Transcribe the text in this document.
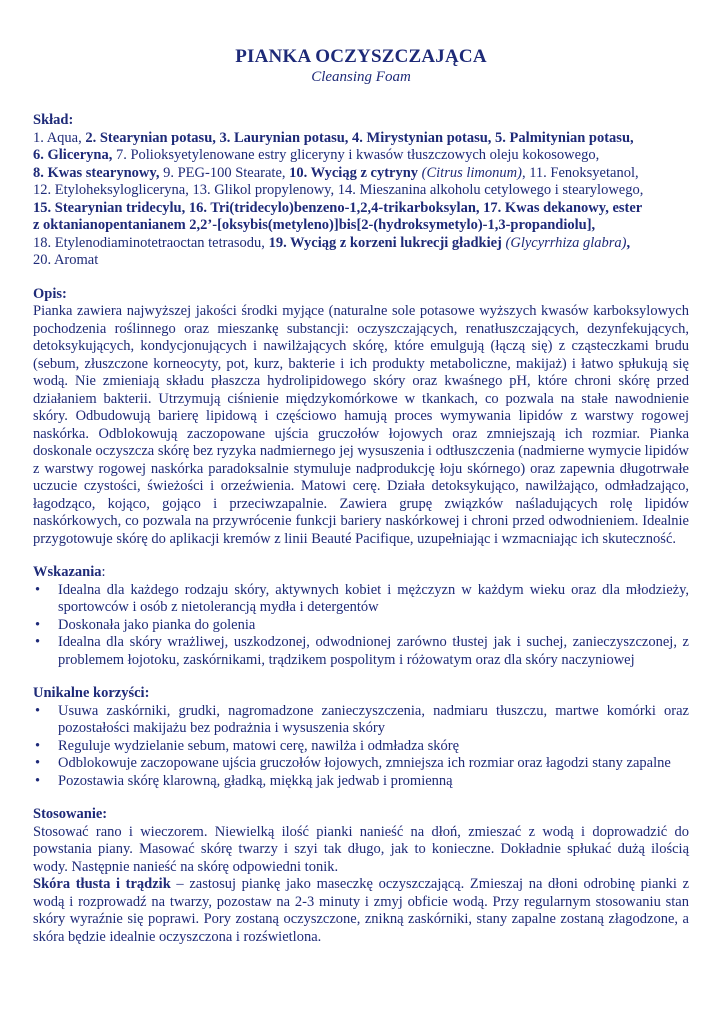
PIANKA OCZYSZCZAJĄCA
Cleansing Foam
Skład:
1. Aqua, 2. Stearynian potasu, 3. Laurynian potasu, 4. Mirystynian potasu, 5. Palmitynian potasu,
6. Gliceryna, 7. Polioksyetylenowane estry gliceryny i kwasów tłuszczowych oleju kokosowego,
8. Kwas stearynowy, 9. PEG-100 Stearate, 10. Wyciąg z cytryny (Citrus limonum), 11. Fenoksyetanol,
12. Etyloheksylogliceryna, 13. Glikol propylenowy, 14. Mieszanina alkoholu cetylowego i stearylowego,
15. Stearynian tridecylu, 16. Tri(tridecylo)benzeno-1,2,4-trikarboksylan, 17. Kwas dekanowy, ester
z oktanianopentanianem 2,2’-[oksybis(metyleno)]bis[2-(hydroksymetylo)-1,3-propandiolu],
18. Etylenodiaminotetraoctan tetrasodu, 19. Wyciąg z korzeni lukrecji gładkiej (Glycyrrhiza glabra),
20. Aromat
Opis:
Pianka zawiera najwyższej jakości środki myjące (naturalne sole potasowe wyższych kwasów karboksylowych pochodzenia roślinnego oraz mieszankę substancji: oczyszczających, renatłuszczających, dezynfekujących, detoksykujących, kondycjonujących i nawilżających skórę, które emulgują (łączą się) z cząsteczkami brudu (sebum, złuszczone korneocyty, pot, kurz, bakterie i ich produkty metaboliczne, makijaż) i łatwo spłukują się wodą. Nie zmieniają składu płaszcza hydrolipidowego skóry oraz kwaśnego pH, które chroni skórę przed działaniem bakterii. Utrzymują ciśnienie międzykomórkowe w tkankach, co pozwala na stałe nawodnienie skóry. Odbudowują barierę lipidową i częściowo hamują proces wymywania lipidów z warstwy rogowej naskórka. Odblokowują zaczopowane ujścia gruczołów łojowych oraz zmniejszają ich rozmiar. Pianka doskonale oczyszcza skórę bez ryzyka nadmiernego jej wysuszenia i odtłuszczenia (nadmierne wymycie lipidów z warstwy rogowej naskórka paradoksalnie stymuluje nadprodukcję łoju skórnego) oraz zapewnia długotrwałe uczucie czystości, świeżości i orzeźwienia. Matowi cerę. Działa detoksykująco, nawilżająco, odmładzająco, łagodząco, kojąco, gojąco i przeciwzapalnie. Zawiera grupę związków naśladujących rolę lipidów naskórkowych, co pozwala na przywrócenie funkcji bariery naskórkowej i chroni przed odwodnieniem. Idealnie przygotowuje skórę do aplikacji kremów z linii Beauté Pacifique, uzupełniając i wzmacniając ich skuteczność.
Wskazania:
• Idealna dla każdego rodzaju skóry, aktywnych kobiet i mężczyzn w każdym wieku oraz dla młodzieży, sportowców i osób z nietolerancją mydła i detergentów
• Doskonała jako pianka do golenia
• Idealna dla skóry wrażliwej, uszkodzonej, odwodnionej zarówno tłustej jak i suchej, zanieczyszczonej, z problemem łojotoku, zaskórnikami, trądzikem pospolitym i różowatym oraz dla skóry naczyniowej
Unikalne korzyści:
• Usuwa zaskórniki, grudki, nagromadzone zanieczyszczenia, nadmiaru tłuszczu, martwe komórki oraz pozostałości makijażu bez podrażnia i wysuszenia skóry
• Reguluje wydzielanie sebum, matowi cerę, nawilża i odmładza skórę
• Odblokowuje zaczopowane ujścia gruczołów łojowych, zmniejsza ich rozmiar oraz łagodzi stany zapalne
• Pozostawia skórę klarowną, gładką, miękką jak jedwab i promienną
Stosowanie:
Stosować rano i wieczorem. Niewielką ilość pianki nanieść na dłoń, zmieszać z wodą i doprowadzić do powstania piany. Masować skórę twarzy i szyi tak długo, jak to konieczne. Dokładnie spłukać dużą ilością wody. Następnie nanieść na skórę odpowiedni tonik.
Skóra tłusta i trądzik – zastosuj piankę jako maseczkę oczyszczającą. Zmieszaj na dłoni odrobinę pianki z wodą i rozprowadź na twarzy, pozostaw na 2-3 minuty i zmyj obficie wodą. Przy regularnym stosowaniu stan skóry wyraźnie się poprawi. Pory zostaną oczyszczone, znikną zaskórniki, stany zapalne zostaną złagodzone, a skóra będzie idealnie oczyszczona i rozświetlona.
